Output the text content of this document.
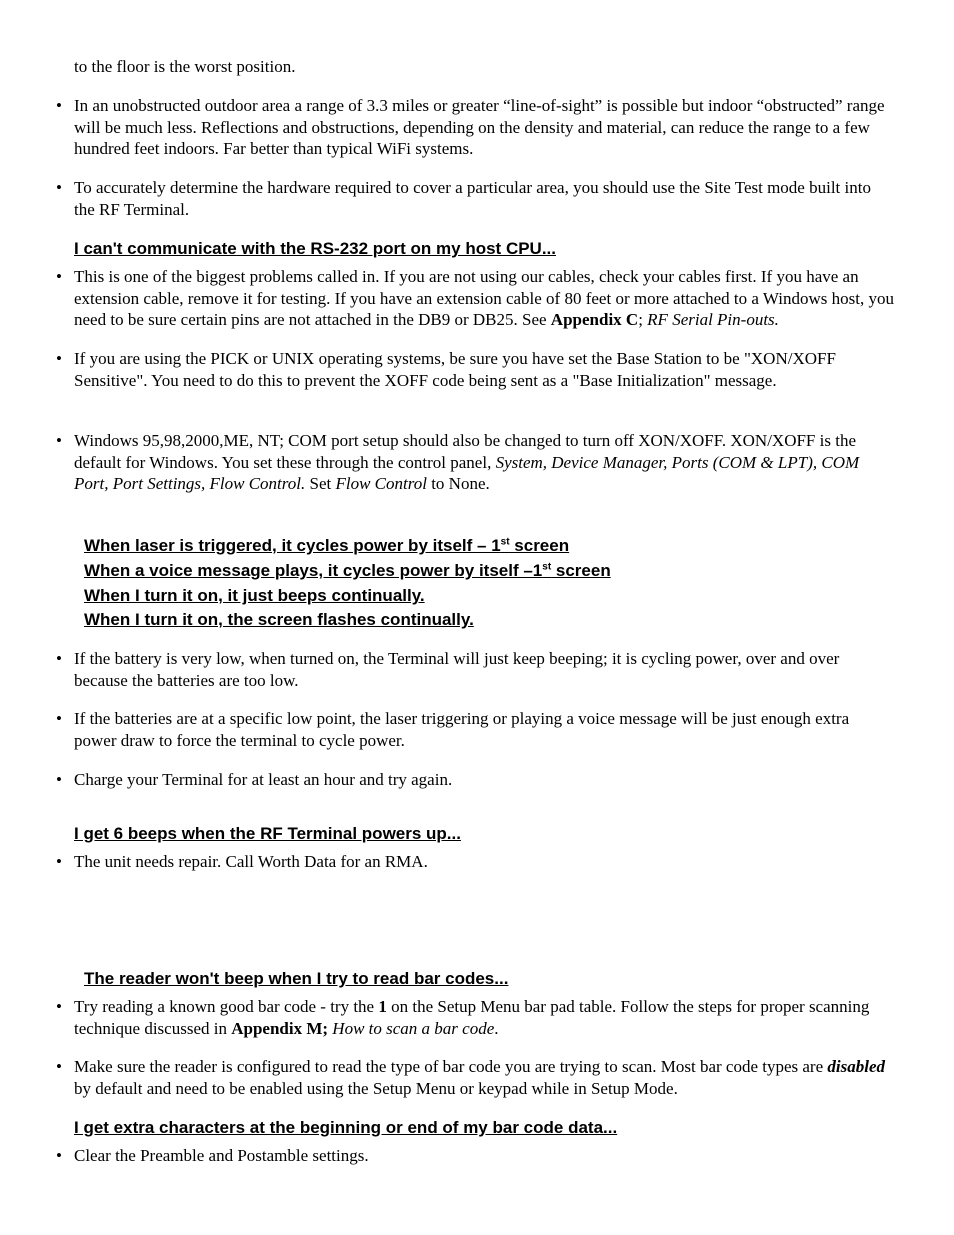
to the floor is the worst position.
• In an unobstructed outdoor area a range of 3.3 miles or greater “line-of-sight” is possible but indoor “obstructed” range will be much less. Reflections and obstructions, depending on the density and material, can reduce the range to a few hundred feet indoors. Far better than typical WiFi systems.
• To accurately determine the hardware required to cover a particular area, you should use the Site Test mode built into the RF Terminal.
I can't communicate with the RS-232 port on my host CPU...
• This is one of the biggest problems called in. If you are not using our cables, check your cables first. If you have an extension cable, remove it for testing. If you have an extension cable of 80 feet or more attached to a Windows host, you need to be sure certain pins are not attached in the DB9 or DB25. See Appendix C; RF Serial Pin-outs.
• If you are using the PICK or UNIX operating systems, be sure you have set the Base Station to be "XON/XOFF Sensitive". You need to do this to prevent the XOFF code being sent as a "Base Initialization" message.
• Windows 95,98,2000,ME, NT; COM port setup should also be changed to turn off XON/XOFF. XON/XOFF is the default for Windows. You set these through the control panel, System, Device Manager, Ports (COM & LPT), COM Port, Port Settings, Flow Control. Set Flow Control to None.
When laser is triggered, it cycles power by itself – 1st screen
When a voice message plays, it cycles power by itself –1st screen
When I turn it on, it just beeps continually.
When I turn it on, the screen flashes continually.
• If the battery is very low, when turned on, the Terminal will just keep beeping; it is cycling power, over and over because the batteries are too low.
• If the batteries are at a specific low point, the laser triggering or playing a voice message will be just enough extra power draw to force the terminal to cycle power.
• Charge your Terminal for at least an hour and try again.
I get 6 beeps when the RF Terminal powers up...
• The unit needs repair. Call Worth Data for an RMA.
The reader won't beep when I try to read bar codes...
• Try reading a known good bar code - try the 1 on the Setup Menu bar pad table. Follow the steps for proper scanning technique discussed in Appendix M; How to scan a bar code.
• Make sure the reader is configured to read the type of bar code you are trying to scan. Most bar code types are disabled by default and need to be enabled using the Setup Menu or keypad while in Setup Mode.
I get extra characters at the beginning or end of my bar code data...
• Clear the Preamble and Postamble settings.
